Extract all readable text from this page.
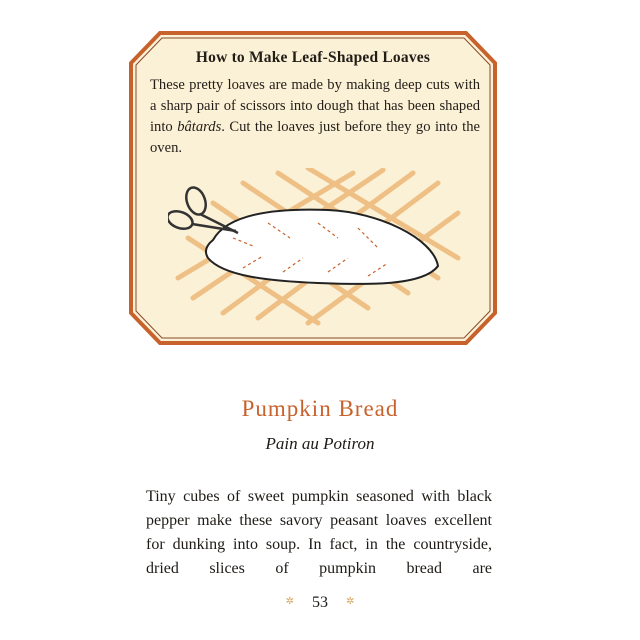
How to Make Leaf-Shaped Loaves
These pretty loaves are made by making deep cuts with a sharp pair of scissors into dough that has been shaped into bâtards. Cut the loaves just before they go into the oven.
Pumpkin Bread
Pain au Potiron
Tiny cubes of sweet pumpkin seasoned with black pepper make these savory peasant loaves excellent for dunking into soup. In fact, in the countryside, dried slices of pumpkin bread are
✲ 53 ✲
